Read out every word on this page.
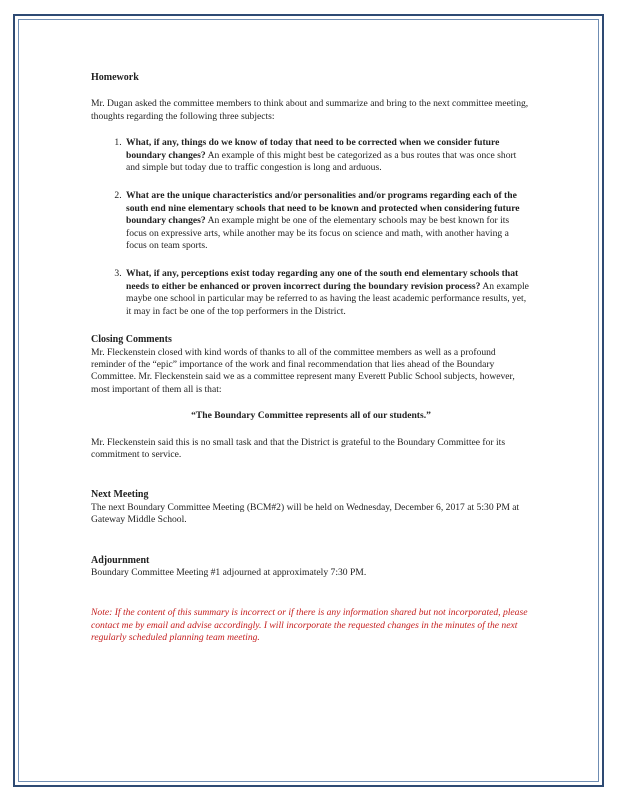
Homework

Mr. Dugan asked the committee members to think about and summarize and bring to the next committee meeting, thoughts regarding the following three subjects:

1. What, if any, things do we know of today that need to be corrected when we consider future boundary changes? An example of this might best be categorized as a bus routes that was once short and simple but today due to traffic congestion is long and arduous.
2. What are the unique characteristics and/or personalities and/or programs regarding each of the south end nine elementary schools that need to be known and protected when considering future boundary changes? An example might be one of the elementary schools may be best known for its focus on expressive arts, while another may be its focus on science and math, with another having a focus on team sports.
3. What, if any, perceptions exist today regarding any one of the south end elementary schools that needs to either be enhanced or proven incorrect during the boundary revision process? An example maybe one school in particular may be referred to as having the least academic performance results, yet, it may in fact be one of the top performers in the District.

Closing Comments

Mr. Fleckenstein closed with kind words of thanks to all of the committee members as well as a profound reminder of the “epic” importance of the work and final recommendation that lies ahead of the Boundary Committee. Mr. Fleckenstein said we as a committee represent many Everett Public School subjects, however, most important of them all is that:

“The Boundary Committee represents all of our students.”

Mr. Fleckenstein said this is no small task and that the District is grateful to the Boundary Committee for its commitment to service.

Next Meeting

The next Boundary Committee Meeting (BCM#2) will be held on Wednesday, December 6, 2017 at 5:30 PM at Gateway Middle School.

Adjournment

Boundary Committee Meeting #1 adjourned at approximately 7:30 PM.

Note: If the content of this summary is incorrect or if there is any information shared but not incorporated, please contact me by email and advise accordingly. I will incorporate the requested changes in the minutes of the next regularly scheduled planning team meeting.
